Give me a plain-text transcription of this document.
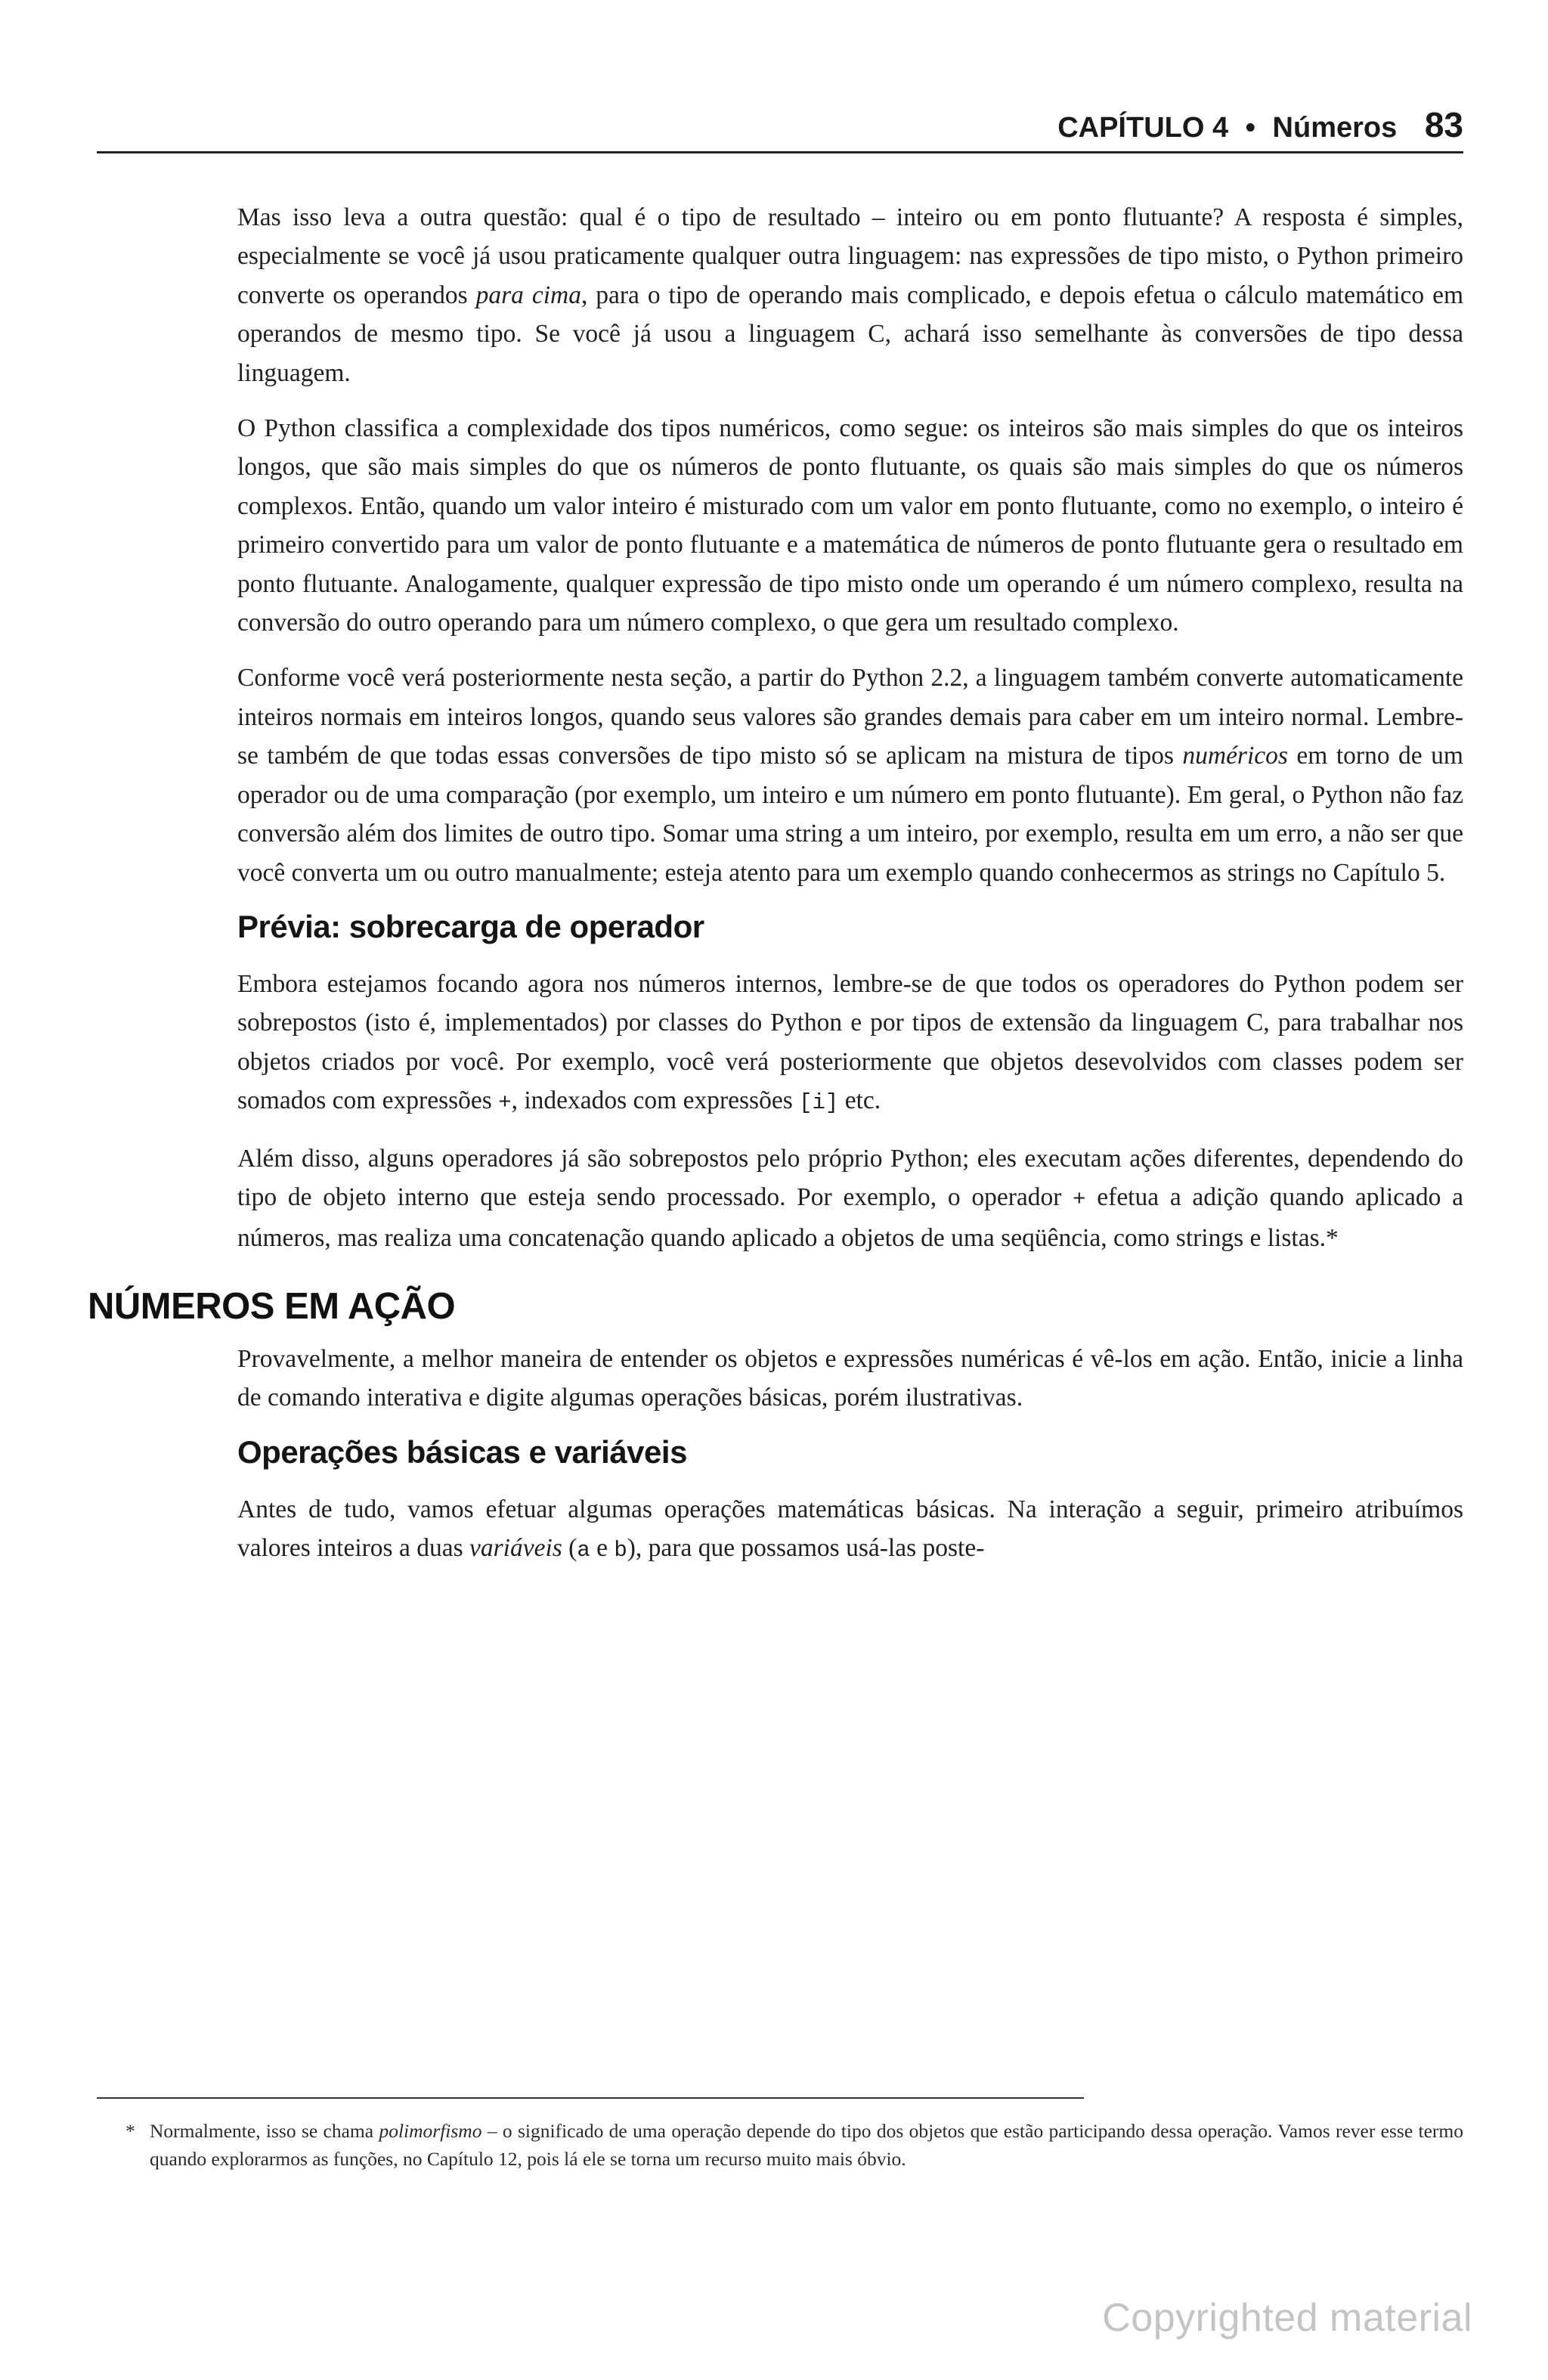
CAPÍTULO 4 • Números 83

Mas isso leva a outra questão: qual é o tipo de resultado – inteiro ou em ponto flutuante? A resposta é simples, especialmente se você já usou praticamente qualquer outra linguagem: nas expressões de tipo misto, o Python primeiro converte os operandos para cima, para o tipo de operando mais complicado, e depois efetua o cálculo matemático em operandos de mesmo tipo. Se você já usou a linguagem C, achará isso semelhante às conversões de tipo dessa linguagem.

O Python classifica a complexidade dos tipos numéricos, como segue: os inteiros são mais simples do que os inteiros longos, que são mais simples do que os números de ponto flutuante, os quais são mais simples do que os números complexos. Então, quando um valor inteiro é misturado com um valor em ponto flutuante, como no exemplo, o inteiro é primeiro convertido para um valor de ponto flutuante e a matemática de números de ponto flutuante gera o resultado em ponto flutuante. Analogamente, qualquer expressão de tipo misto onde um operando é um número complexo, resulta na conversão do outro operando para um número complexo, o que gera um resultado complexo.

Conforme você verá posteriormente nesta seção, a partir do Python 2.2, a linguagem também converte automaticamente inteiros normais em inteiros longos, quando seus valores são grandes demais para caber em um inteiro normal. Lembre-se também de que todas essas conversões de tipo misto só se aplicam na mistura de tipos numéricos em torno de um operador ou de uma comparação (por exemplo, um inteiro e um número em ponto flutuante). Em geral, o Python não faz conversão além dos limites de outro tipo. Somar uma string a um inteiro, por exemplo, resulta em um erro, a não ser que você converta um ou outro manualmente; esteja atento para um exemplo quando conhecermos as strings no Capítulo 5.

Prévia: sobrecarga de operador

Embora estejamos focando agora nos números internos, lembre-se de que todos os operadores do Python podem ser sobrepostos (isto é, implementados) por classes do Python e por tipos de extensão da linguagem C, para trabalhar nos objetos criados por você. Por exemplo, você verá posteriormente que objetos desevolvidos com classes podem ser somados com expressões +, indexados com expressões [i] etc.

Além disso, alguns operadores já são sobrepostos pelo próprio Python; eles executam ações diferentes, dependendo do tipo de objeto interno que esteja sendo processado. Por exemplo, o operador + efetua a adição quando aplicado a números, mas realiza uma concatenação quando aplicado a objetos de uma seqüência, como strings e listas.*

NÚMEROS EM AÇÃO

Provavelmente, a melhor maneira de entender os objetos e expressões numéricas é vê-los em ação. Então, inicie a linha de comando interativa e digite algumas operações básicas, porém ilustrativas.

Operações básicas e variáveis

Antes de tudo, vamos efetuar algumas operações matemáticas básicas. Na interação a seguir, primeiro atribuímos valores inteiros a duas variáveis (a e b), para que possamos usá-las poste-

* Normalmente, isso se chama polimorfismo – o significado de uma operação depende do tipo dos objetos que estão participando dessa operação. Vamos rever esse termo quando explorarmos as funções, no Capítulo 12, pois lá ele se torna um recurso muito mais óbvio.
Copyrighted material
